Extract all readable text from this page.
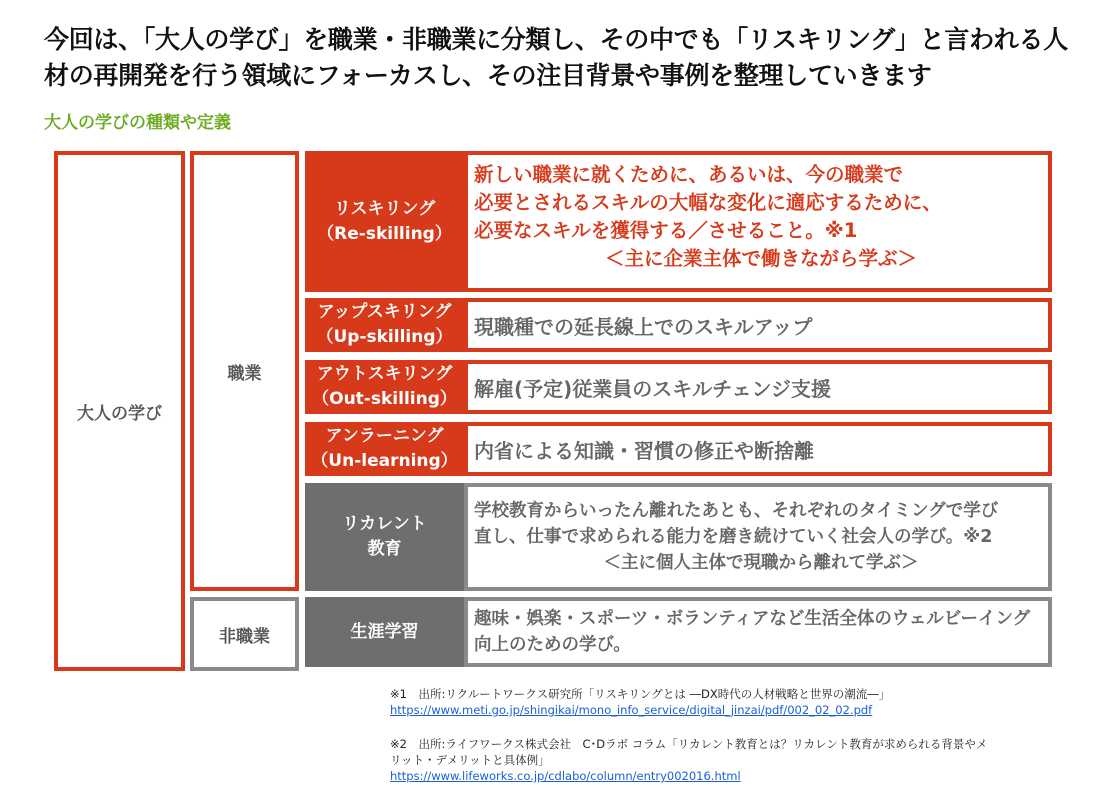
今回は、「大人の学び」を職業・非職業に分類し、その中でも「リスキリング」と言われる人材の再開発を行う領域にフォーカスし、その注目背景や事例を整理していきます
大人の学びの種類や定義
大人の学び
職業
非職業
リスキリング
（Re-skilling）
新しい職業に就くために、あるいは、今の職業で
必要とされるスキルの大幅な変化に適応するために、
必要なスキルを獲得する／させること。※1
＜主に企業主体で働きながら学ぶ＞
アップスキリング
（Up-skilling） 現職種での延長線上でのスキルアップ
アウトスキリング
（Out-skilling） 解雇(予定)従業員のスキルチェンジ支援
アンラーニング
（Un-learning） 内省による知識・習慣の修正や断捨離
リカレント
教育
学校教育からいったん離れたあとも、それぞれのタイミングで学び
直し、仕事で求められる能力を磨き続けていく社会人の学び。※2
＜主に個人主体で現職から離れて学ぶ＞
生涯学習
趣味・娯楽・スポーツ・ボランティアなど生活全体のウェルビーイング
向上のための学び。
※1　出所:リクルートワークス研究所「リスキリングとは ―DX時代の人材戦略と世界の潮流―」
https://www.meti.go.jp/shingikai/mono_info_service/digital_jinzai/pdf/002_02_02.pdf
※2　出所:ライフワークス株式会社　C･Dラボ コラム「リカレント教育とは？リカレント教育が求められる背景やメ
リット・デメリットと具体例」
https://www.lifeworks.co.jp/cdlabo/column/entry002016.html
